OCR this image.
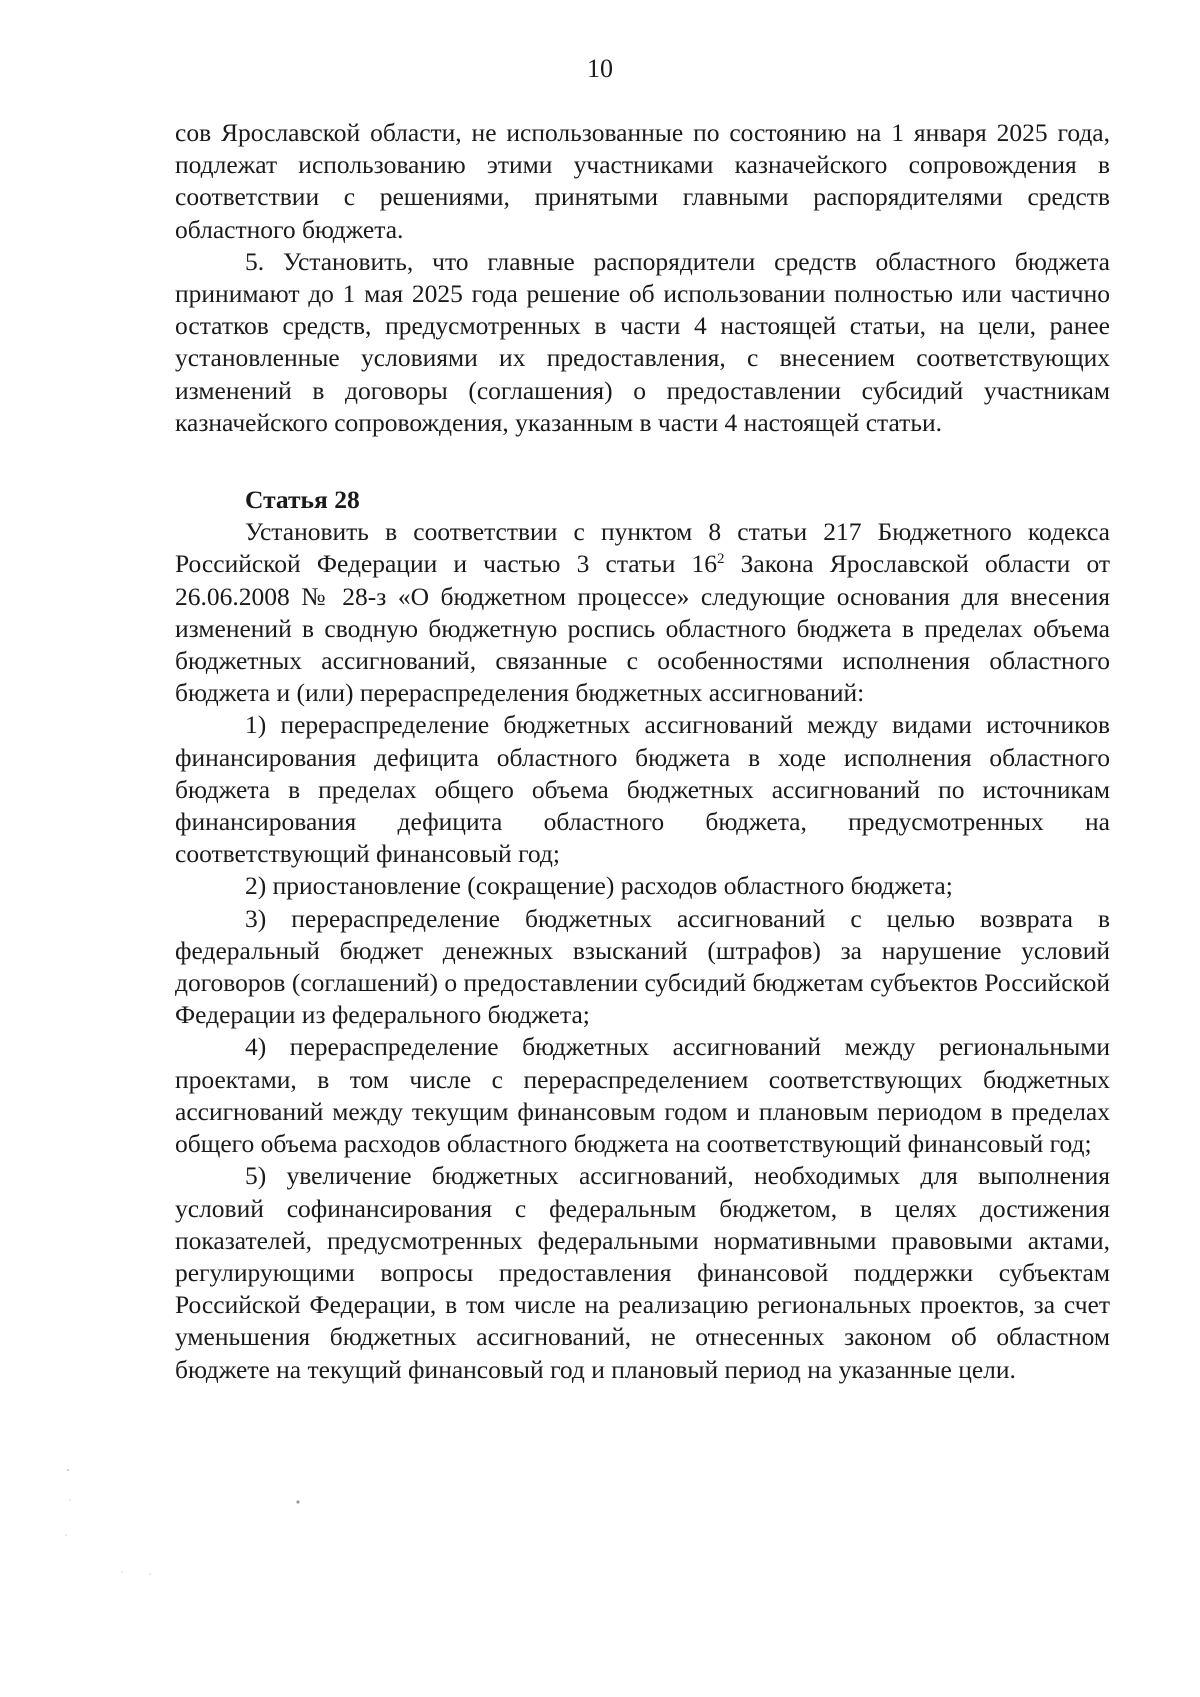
10

сов Ярославской области, не использованные по состоянию на 1 января 2025 года, подлежат использованию этими участниками казначейского сопровождения в соответствии с решениями, принятыми главными распорядителями средств областного бюджета.

5. Установить, что главные распорядители средств областного бюджета принимают до 1 мая 2025 года решение об использовании полностью или частично остатков средств, предусмотренных в части 4 настоящей статьи, на цели, ранее установленные условиями их предоставления, с внесением соответствующих изменений в договоры (соглашения) о предоставлении субсидий участникам казначейского сопровождения, указанным в части 4 настоящей статьи.

Статья 28

Установить в соответствии с пунктом 8 статьи 217 Бюджетного кодекса Российской Федерации и частью 3 статьи $16^2$ Закона Ярославской области от 26.06.2008 № 28-з «О бюджетном процессе» следующие основания для внесения изменений в сводную бюджетную роспись областного бюджета в пределах объема бюджетных ассигнований, связанные с особенностями исполнения областного бюджета и (или) перераспределения бюджетных ассигнований:

1) перераспределение бюджетных ассигнований между видами источников финансирования дефицита областного бюджета в ходе исполнения областного бюджета в пределах общего объема бюджетных ассигнований по источникам финансирования дефицита областного бюджета, предусмотренных на соответствующий финансовый год;

2) приостановление (сокращение) расходов областного бюджета;

3) перераспределение бюджетных ассигнований с целью возврата в федеральный бюджет денежных взысканий (штрафов) за нарушение условий договоров (соглашений) о предоставлении субсидий бюджетам субъектов Российской Федерации из федерального бюджета;

4) перераспределение бюджетных ассигнований между региональными проектами, в том числе с перераспределением соответствующих бюджетных ассигнований между текущим финансовым годом и плановым периодом в пределах общего объема расходов областного бюджета на соответствующий финансовый год;

5) увеличение бюджетных ассигнований, необходимых для выполнения условий софинансирования с федеральным бюджетом, в целях достижения показателей, предусмотренных федеральными нормативными правовыми актами, регулирующими вопросы предоставления финансовой поддержки субъектам Российской Федерации, в том числе на реализацию региональных проектов, за счет уменьшения бюджетных ассигнований, не отнесенных законом об областном бюджете на текущий финансовый год и плановый период на указанные цели.
